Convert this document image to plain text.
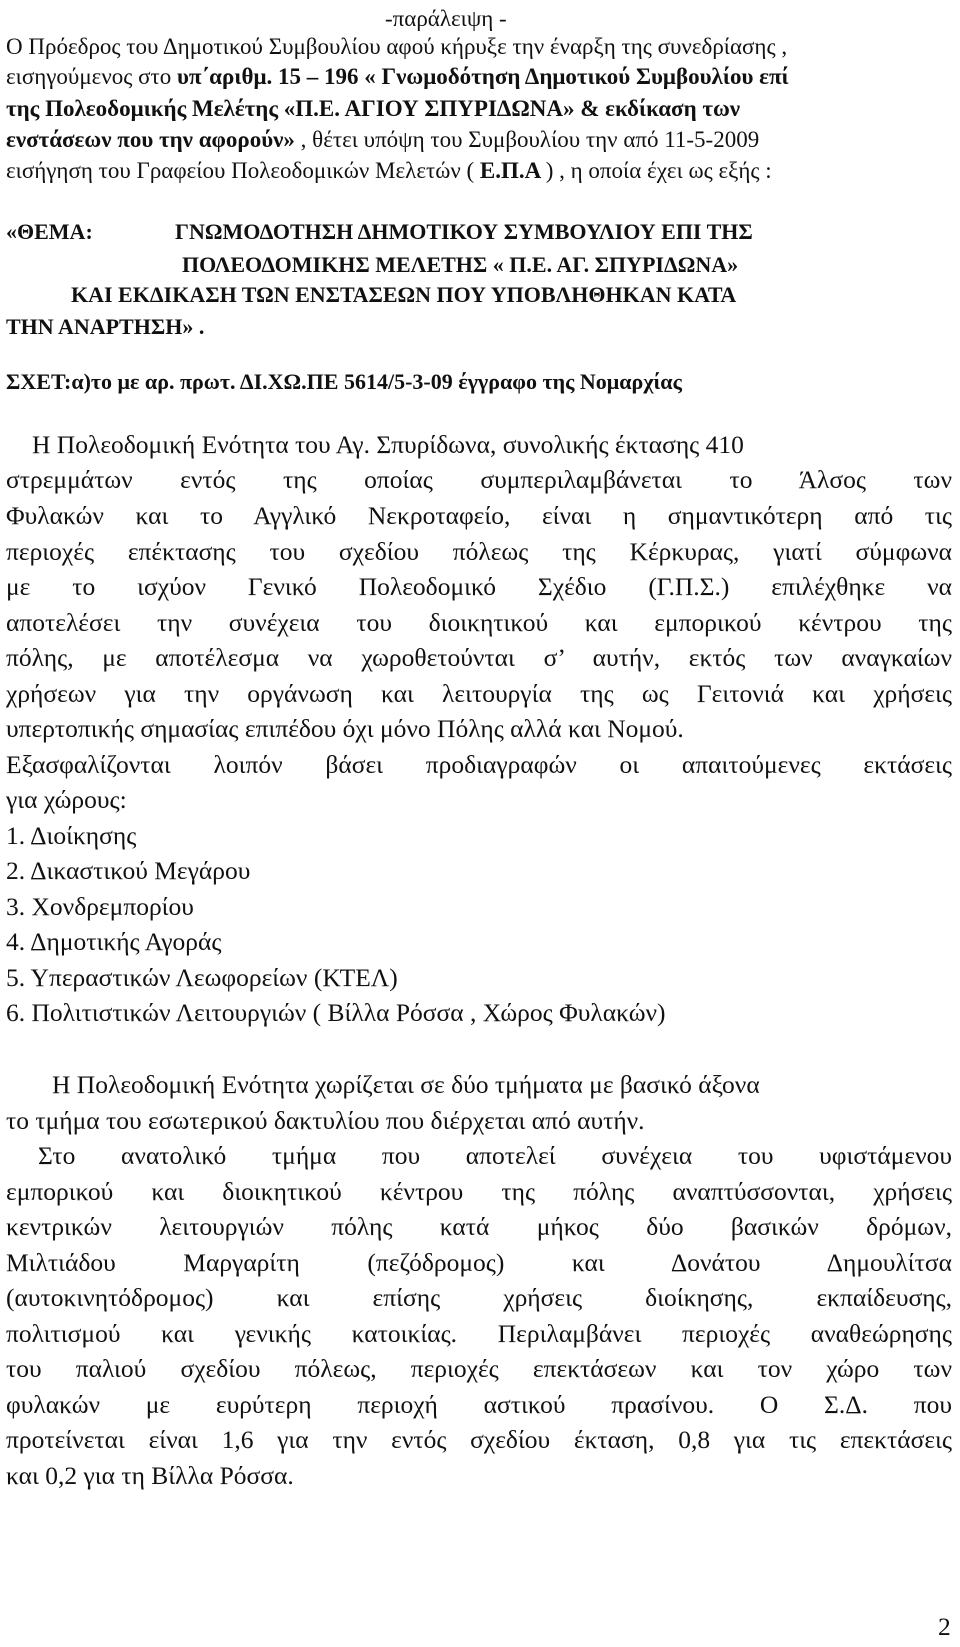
-παράλειψη -
Ο Πρόεδρος του Δημοτικού Συμβουλίου αφού κήρυξε την έναρξη της συνεδρίασης ,
εισηγούμενος στο υπ΄αριθμ. 15 – 196 « Γνωμοδότηση Δημοτικού Συμβουλίου επί
της Πολεοδομικής Μελέτης «Π.Ε. ΑΓΙΟΥ ΣΠΥΡΙΔΩΝΑ» & εκδίκαση των
ενστάσεων που την αφορούν» , θέτει υπόψη του Συμβουλίου την από 11-5-2009
εισήγηση του Γραφείου Πολεοδομικών Μελετών ( Ε.Π.Α ) , η οποία έχει ως εξής :
«ΘΕΜΑ:	ΓΝΩΜΟΔΟΤΗΣΗ ΔΗΜΟΤΙΚΟΥ ΣΥΜΒΟΥΛΙΟΥ ΕΠΙ ΤΗΣ
ΠΟΛΕΟΔΟΜΙΚΗΣ ΜΕΛΕΤΗΣ « Π.Ε. ΑΓ. ΣΠΥΡΙΔΩΝΑ»
ΚΑΙ ΕΚΔΙΚΑΣΗ ΤΩΝ ΕΝΣΤΑΣΕΩΝ ΠΟΥ ΥΠΟΒΛΗΘΗΚΑΝ ΚΑΤΑ
ΤΗΝ ΑΝΑΡΤΗΣΗ» .
ΣΧΕΤ:α)το με αρ. πρωτ. ΔΙ.ΧΩ.ΠΕ 5614/5-3-09 έγγραφο της Νομαρχίας
Η Πολεοδομική Ενότητα του Αγ. Σπυρίδωνα, συνολικής έκτασης 410
στρεμμάτων εντός της οποίας συμπεριλαμβάνεται το Άλσος των
Φυλακών και το Αγγλικό Νεκροταφείο, είναι η σημαντικότερη από τις
περιοχές επέκτασης του σχεδίου πόλεως της Κέρκυρας, γιατί σύμφωνα
με το ισχύον Γενικό Πολεοδομικό Σχέδιο (Γ.Π.Σ.) επιλέχθηκε να
αποτελέσει την συνέχεια του διοικητικού και εμπορικού κέντρου της
πόλης, με αποτέλεσμα να χωροθετούνται σ’ αυτήν, εκτός των αναγκαίων
χρήσεων για την οργάνωση και λειτουργία της ως Γειτονιά και χρήσεις
υπερτοπικής σημασίας επιπέδου όχι μόνο Πόλης αλλά και Νομού.
Εξασφαλίζονται λοιπόν βάσει προδιαγραφών οι απαιτούμενες εκτάσεις
για χώρους:
1. Διοίκησης
2. Δικαστικού Μεγάρου
3. Χονδρεμπορίου
4. Δημοτικής Αγοράς
5. Υπεραστικών Λεωφορείων (ΚΤΕΛ)
6. Πολιτιστικών Λειτουργιών ( Βίλλα Ρόσσα , Χώρος Φυλακών)
Η Πολεοδομική Ενότητα χωρίζεται σε δύο τμήματα με βασικό άξονα
το τμήμα του εσωτερικού δακτυλίου που διέρχεται από αυτήν.
Στο ανατολικό τμήμα που αποτελεί συνέχεια του υφιστάμενου
εμπορικού και διοικητικού κέντρου της πόλης αναπτύσσονται, χρήσεις
κεντρικών λειτουργιών πόλης κατά μήκος δύο βασικών δρόμων,
Μιλτιάδου Μαργαρίτη (πεζόδρομος) και Δονάτου Δημουλίτσα
(αυτοκινητόδρομος) και επίσης χρήσεις διοίκησης, εκπαίδευσης,
πολιτισμού και γενικής κατοικίας. Περιλαμβάνει περιοχές αναθεώρησης
του παλιού σχεδίου πόλεως, περιοχές επεκτάσεων και τον χώρο των
φυλακών με ευρύτερη περιοχή αστικού πρασίνου. Ο Σ.Δ. που
προτείνεται είναι 1,6 για την εντός σχεδίου έκταση, 0,8 για τις επεκτάσεις
και 0,2 για τη Βίλλα Ρόσσα.
2
